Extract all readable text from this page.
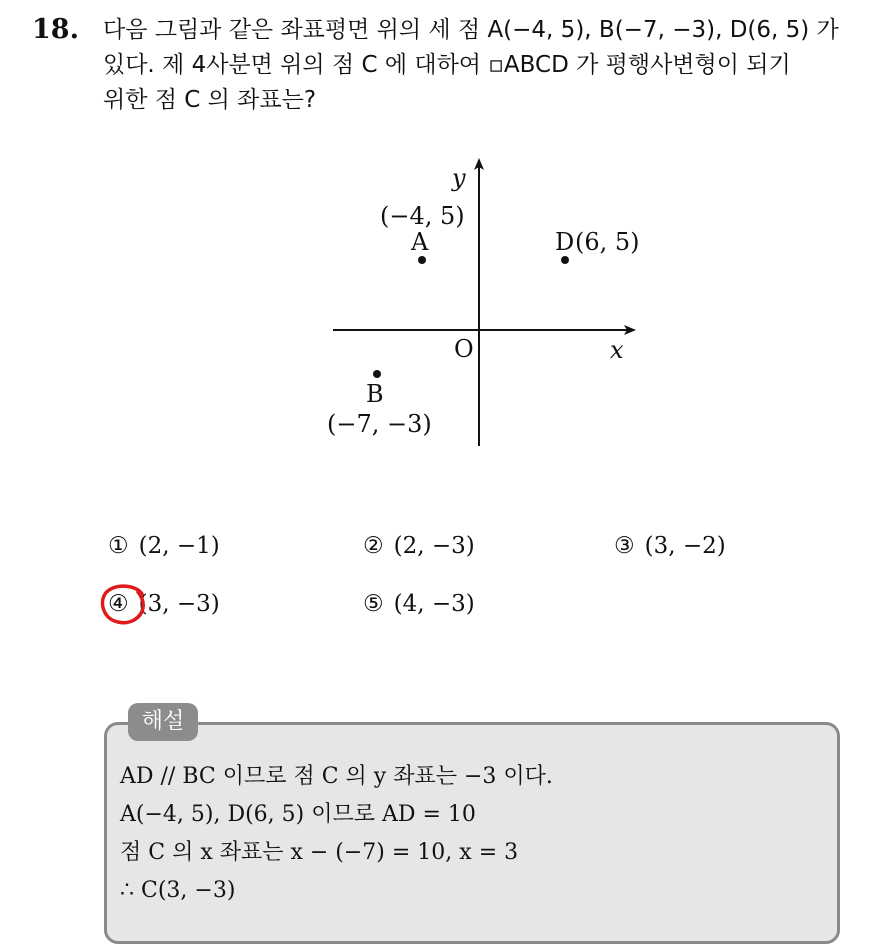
18. 다음 그림과 같은 좌표평면 위의 세 점 A(−4, 5), B(−7, −3), D(6, 5) 가
있다. 제 4사분면 위의 점 C 에 대하여 ▫ABCD 가 평행사변형이 되기
위한 점 C 의 좌표는?
y
x
O
(−4, 5)
A	D (6, 5)
B
(−7, −3)
① (2, −1)	② (2, −3)	③ (3, −2)
④ (3, −3)	⑤ (4, −3)
해설
AD // BC 이므로 점 C 의 y 좌표는 −3 이다.
A(−4, 5), D(6, 5) 이므로 AD = 10
점 C 의 x 좌표는 x − (−7) = 10, x = 3
∴ C(3, −3)
